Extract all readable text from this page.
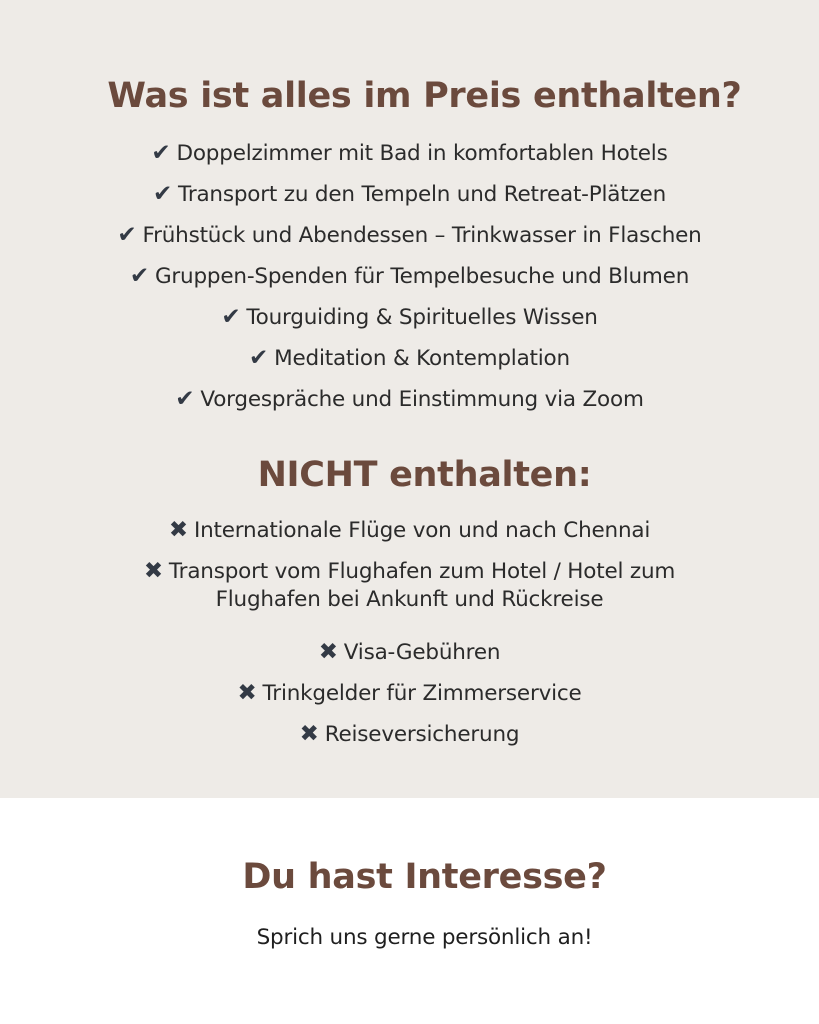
Was ist alles im Preis enthalten?
✔ Doppelzimmer mit Bad in komfortablen Hotels
✔ Transport zu den Tempeln und Retreat-Plätzen
✔ Frühstück und Abendessen – Trinkwasser in Flaschen
✔ Gruppen-Spenden für Tempelbesuche und Blumen
✔ Tourguiding & Spirituelles Wissen
✔ Meditation & Kontemplation
✔ Vorgespräche und Einstimmung via Zoom
NICHT enthalten:
✖ Internationale Flüge von und nach Chennai
✖ Transport vom Flughafen zum Hotel / Hotel zum
Flughafen bei Ankunft und Rückreise
✖ Visa-Gebühren
✖ Trinkgelder für Zimmerservice
✖ Reiseversicherung
Du hast Interesse?

Sprich uns gerne persönlich an!
